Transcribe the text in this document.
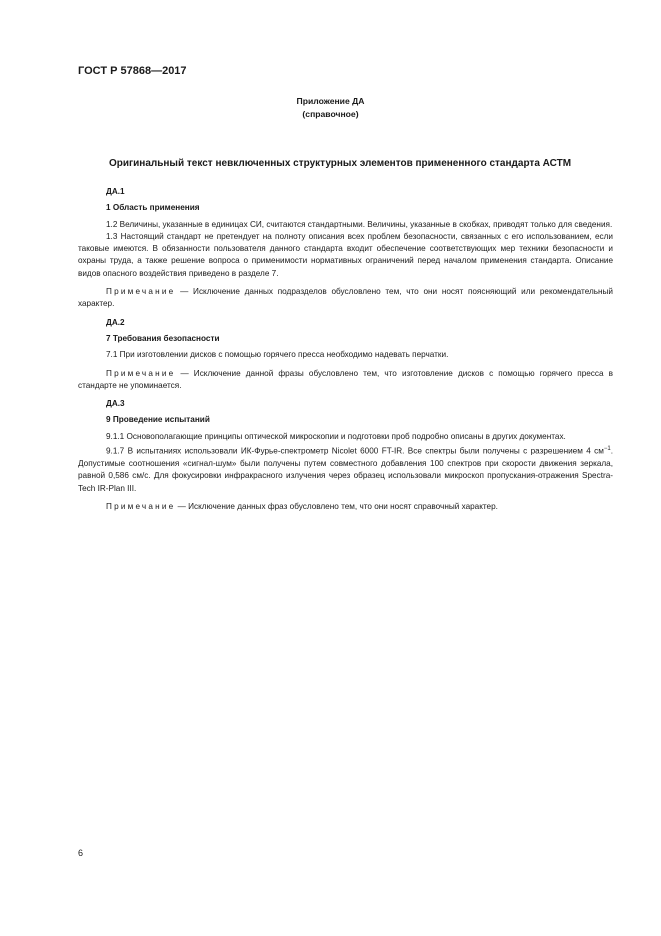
ГОСТ Р 57868—2017

Приложение ДА

(справочное)

Оригинальный текст невключенных структурных элементов примененного стандарта АСТМ

ДА.1

1 Область применения

1.2 Величины, указанные в единицах СИ, считаются стандартными. Величины, указанные в скобках, приводят только для сведения.

1.3 Настоящий стандарт не претендует на полноту описания всех проблем безопасности, связанных с его использованием, если таковые имеются. В обязанности пользователя данного стандарта входит обеспечение соответствующих мер техники безопасности и охраны труда, а также решение вопроса о применимости нормативных ограничений перед началом применения стандарта. Описание видов опасного воздействия приведено в разделе 7.

Примечание — Исключение данных подразделов обусловлено тем, что они носят поясняющий или рекомендательный характер.

ДА.2

7 Требования безопасности

7.1 При изготовлении дисков с помощью горячего пресса необходимо надевать перчатки.

Примечание — Исключение данной фразы обусловлено тем, что изготовление дисков с помощью горячего пресса в стандарте не упоминается.

ДА.3

9 Проведение испытаний

9.1.1 Основополагающие принципы оптической микроскопии и подготовки проб подробно описаны в других документах.

9.1.7 В испытаниях использовали ИК-Фурье-спектрометр Nicolet 6000 FT-IR. Все спектры были получены с разрешением 4 $см^{-1}$. Допустимые соотношения «сигнал-шум» были получены путем совместного добавления 100 спектров при скорости движения зеркала, равной 0,586 см/с. Для фокусировки инфракрасного излучения через образец использовали микроскоп пропускания-отражения Spectra-Tech IR-Plan III.

Примечание — Исключение данных фраз обусловлено тем, что они носят справочный характер.

6
